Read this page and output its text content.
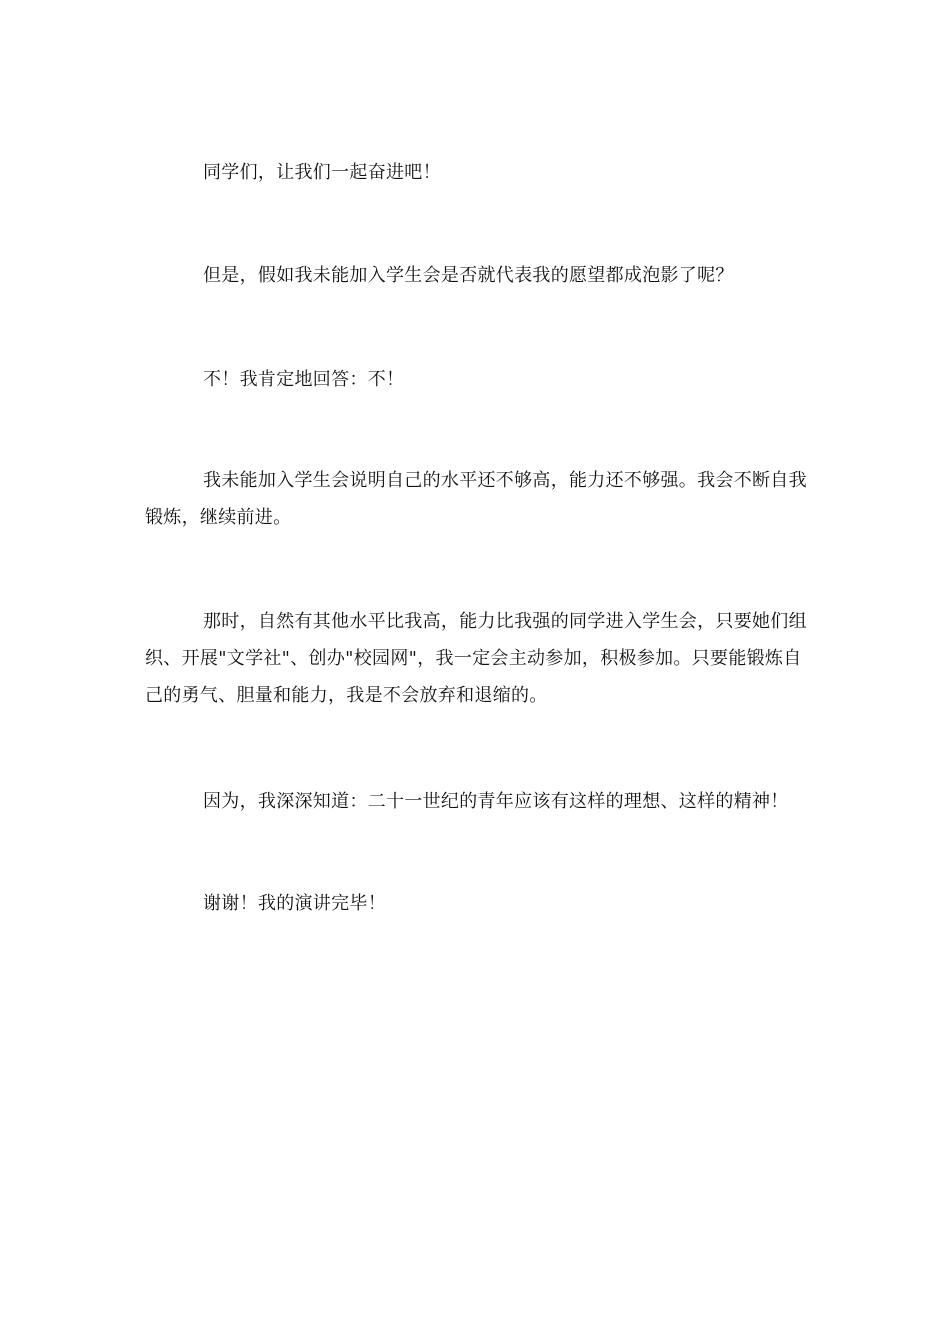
同学们，让我们一起奋进吧！

但是，假如我未能加入学生会是否就代表我的愿望都成泡影了呢？

不！我肯定地回答：不！

我未能加入学生会说明自己的水平还不够高，能力还不够强。我会不断自我锻炼，继续前进。

那时，自然有其他水平比我高，能力比我强的同学进入学生会，只要她们组织、开展"文学社"、创办"校园网"，我一定会主动参加，积极参加。只要能锻炼自己的勇气、胆量和能力，我是不会放弃和退缩的。

因为，我深深知道：二十一世纪的青年应该有这样的理想、这样的精神！

谢谢！我的演讲完毕！
